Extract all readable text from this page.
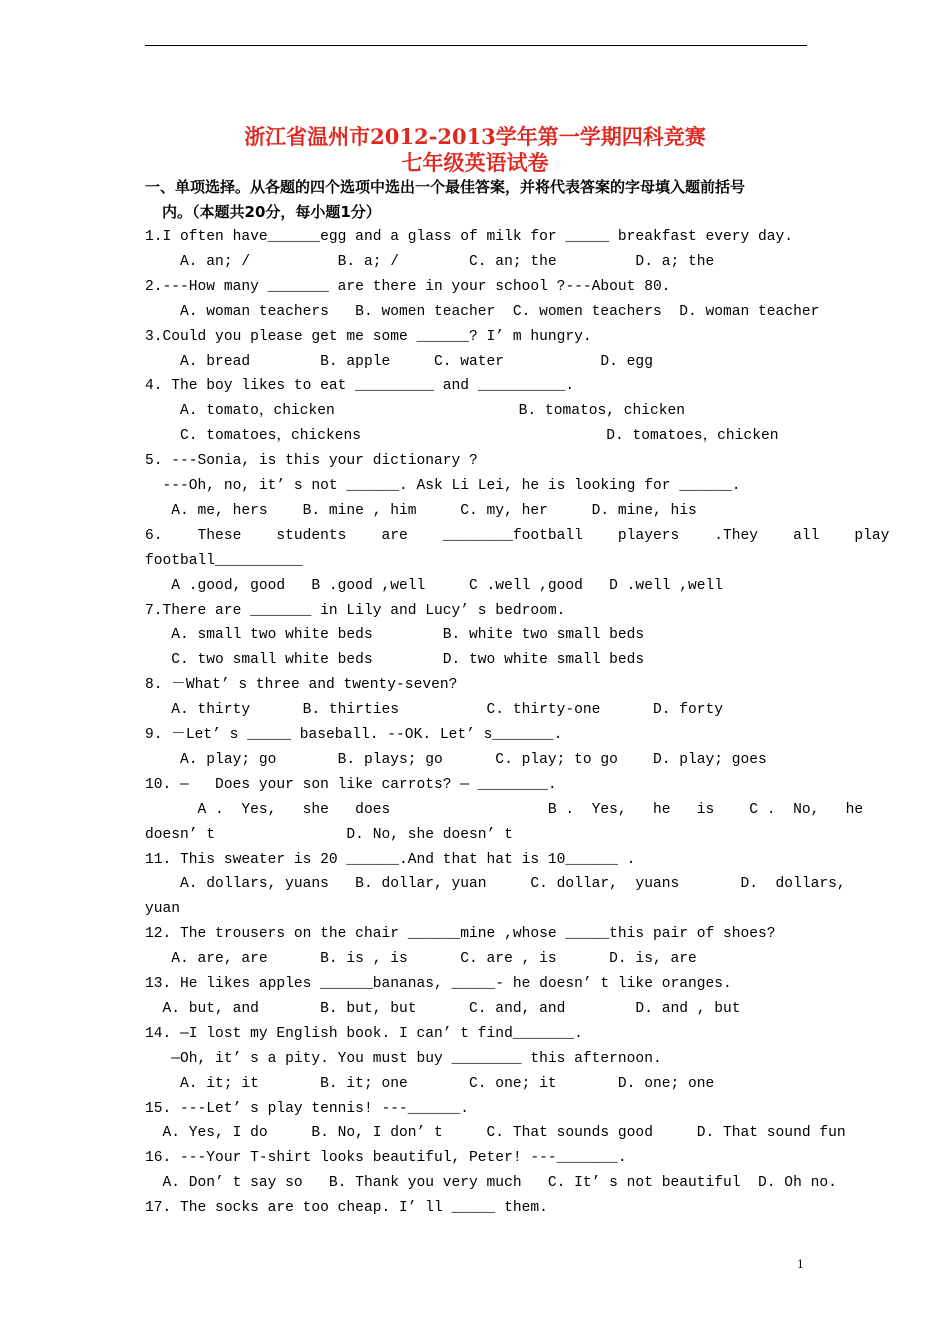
浙江省温州市2012-2013学年第一学期四科竞赛
七年级英语试卷
一、单项选择。从各题的四个选项中选出一个最佳答案，并将代表答案的字母填入题前括号
内。（本题共20分，每小题1分）
1.I often have______egg and a glass of milk for _____ breakfast every day.
A. an; /          B. a; /        C. an; the         D. a; the
2.---How many _______ are there in your school ?---About 80.
A. woman teachers   B. women teacher  C. women teachers  D. woman teacher
3.Could you please get me some ______? I’ m hungry.
A. bread        B. apple     C. water           D. egg
4. The boy likes to eat _________ and __________.
A. tomato，chicken                     B. tomatos, chicken
C. tomatoes，chickens                            D. tomatoes，chicken
5. ---Sonia, is this your dictionary ?
---Oh, no, it’ s not ______. Ask Li Lei, he is looking for ______.
A. me, hers    B. mine , him     C. my, her     D. mine, his
6.    These    students    are    ________football    players    .They    all    play
football__________
A .good, good   B .good ,well     C .well ,good   D .well ,well
7.There are _______ in Lily and Lucy’ s bedroom.
A. small two white beds        B. white two small beds
C. two small white beds        D. two white small beds
8. －What’ s three and twenty-seven?
A. thirty      B. thirties          C. thirty-one      D. forty
9. －Let’ s _____ baseball. --OK. Let’ s_______.
A. play; go       B. plays; go      C. play; to go    D. play; goes
10. —   Does your son like carrots? — ________.
A .  Yes,   she   does                  B .  Yes,   he   is    C .  No,   he
doesn’ t               D. No, she doesn’ t
11. This sweater is 20 ______.And that hat is 10______ .
A. dollars, yuans   B. dollar, yuan     C. dollar,  yuans       D.  dollars,
yuan
12. The trousers on the chair ______mine ,whose _____this pair of shoes?
A. are, are      B. is , is      C. are , is      D. is, are
13. He likes apples ______bananas, _____- he doesn’ t like oranges.
A. but, and       B. but, but      C. and, and        D. and , but
14. —I lost my English book. I can’ t find_______.
—Oh, it’ s a pity. You must buy ________ this afternoon.
A. it; it       B. it; one       C. one; it       D. one; one
15. ---Let’ s play tennis! ---______.
A. Yes, I do     B. No, I don’ t     C. That sounds good     D. That sound fun
16. ---Your T-shirt looks beautiful, Peter! ---_______.
A. Don’ t say so   B. Thank you very much   C. It’ s not beautiful  D. Oh no.
17. The socks are too cheap. I’ ll _____ them.
1
